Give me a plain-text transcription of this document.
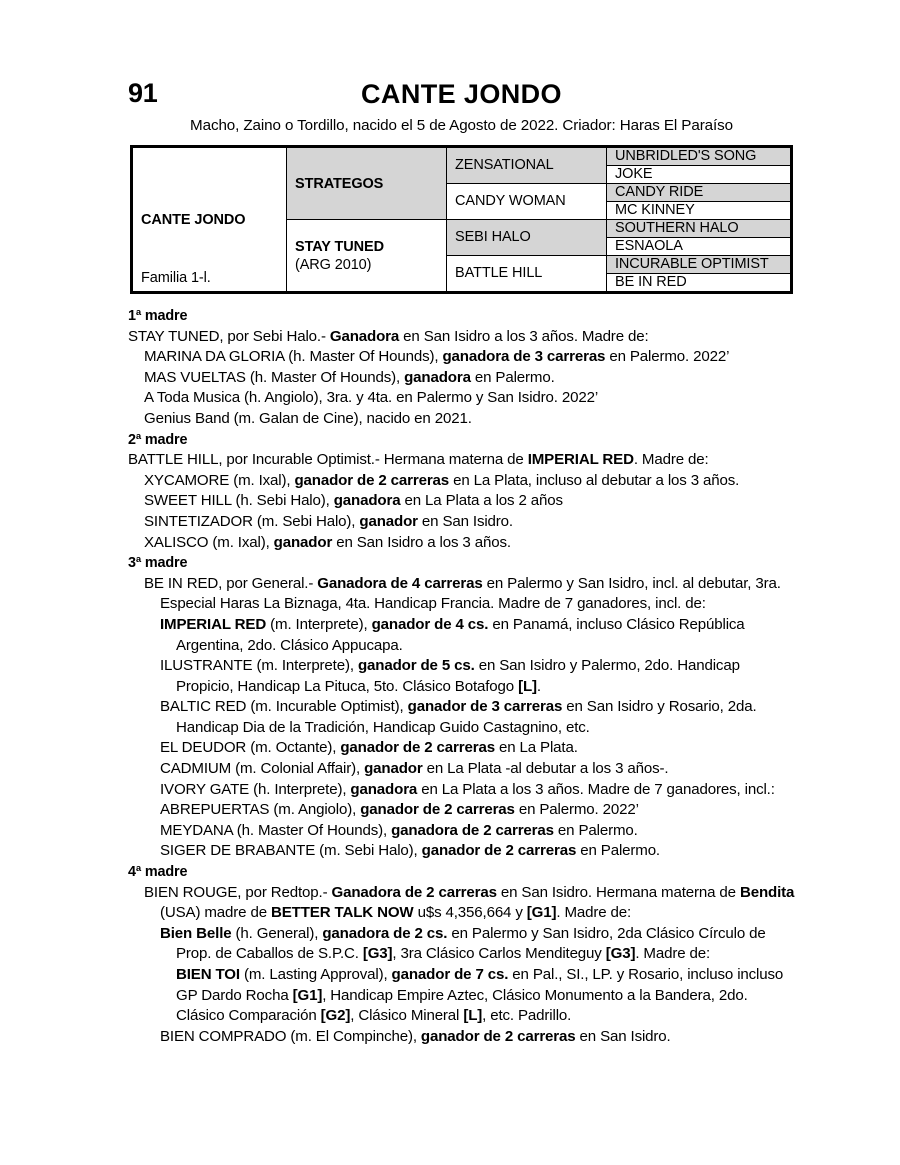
91	CANTE JONDO
Macho, Zaino o Tordillo, nacido el 5 de Agosto de 2022. Criador: Haras El Paraíso
CANTE JONDO
Familia 1-l.	STRATEGOS	ZENSATIONAL	UNBRIDLED'S SONG
			JOKE
		CANDY WOMAN	CANDY RIDE
			MC KINNEY

	STAY TUNED
(ARG 2010)	SEBI HALO	SOUTHERN HALO
			ESNAOLA
		BATTLE HILL	INCURABLE OPTIMIST
			BE IN RED
1ª madre
STAY TUNED, por Sebi Halo.- Ganadora en San Isidro a los 3 años. Madre de:
MARINA DA GLORIA (h. Master Of Hounds), ganadora de 3 carreras en Palermo. 2022’
MAS VUELTAS (h. Master Of Hounds), ganadora en Palermo.
A Toda Musica (h. Angiolo), 3ra. y 4ta. en Palermo y San Isidro. 2022’
Genius Band (m. Galan de Cine), nacido en 2021.
2ª madre
BATTLE HILL, por Incurable Optimist.- Hermana materna de IMPERIAL RED. Madre de:
XYCAMORE (m. Ixal), ganador de 2 carreras en La Plata, incluso al debutar a los 3 años.
SWEET HILL (h. Sebi Halo), ganadora en La Plata a los 2 años
SINTETIZADOR (m. Sebi Halo), ganador en San Isidro.
XALISCO (m. Ixal), ganador en San Isidro a los 3 años.
3ª madre
BE IN RED, por General.- Ganadora de 4 carreras en Palermo y San Isidro, incl. al debutar, 3ra. Especial Haras La Biznaga, 4ta. Handicap Francia. Madre de 7 ganadores, incl. de:
IMPERIAL RED (m. Interprete), ganador de 4 cs. en Panamá, incluso Clásico República Argentina, 2do. Clásico Appucapa.
ILUSTRANTE (m. Interprete), ganador de 5 cs. en San Isidro y Palermo, 2do. Handicap Propicio, Handicap La Pituca, 5to. Clásico Botafogo [L].
BALTIC RED (m. Incurable Optimist), ganador de 3 carreras en San Isidro y Rosario, 2da. Handicap Dia de la Tradición, Handicap Guido Castagnino, etc.
EL DEUDOR (m. Octante), ganador de 2 carreras en La Plata.
CADMIUM (m. Colonial Affair), ganador en La Plata -al debutar a los 3 años-.
IVORY GATE (h. Interprete), ganadora en La Plata a los 3 años. Madre de 7 ganadores, incl.:
ABREPUERTAS (m. Angiolo), ganador de 2 carreras en Palermo. 2022’
MEYDANA (h. Master Of Hounds), ganadora de 2 carreras en Palermo.
SIGER DE BRABANTE (m. Sebi Halo), ganador de 2 carreras en Palermo.
4ª madre
BIEN ROUGE, por Redtop.- Ganadora de 2 carreras en San Isidro. Hermana materna de Bendita (USA) madre de BETTER TALK NOW u$s 4,356,664 y [G1]. Madre de:
Bien Belle (h. General), ganadora de 2 cs. en Palermo y San Isidro, 2da Clásico Círculo de Prop. de Caballos de S.P.C. [G3], 3ra Clásico Carlos Menditeguy [G3]. Madre de:
BIEN TOI (m. Lasting Approval), ganador de 7 cs. en Pal., SI., LP. y Rosario, incluso incluso GP Dardo Rocha [G1], Handicap Empire Aztec, Clásico Monumento a la Bandera, 2do. Clásico Comparación [G2], Clásico Mineral [L], etc. Padrillo.
BIEN COMPRADO (m. El Compinche), ganador de 2 carreras en San Isidro.
